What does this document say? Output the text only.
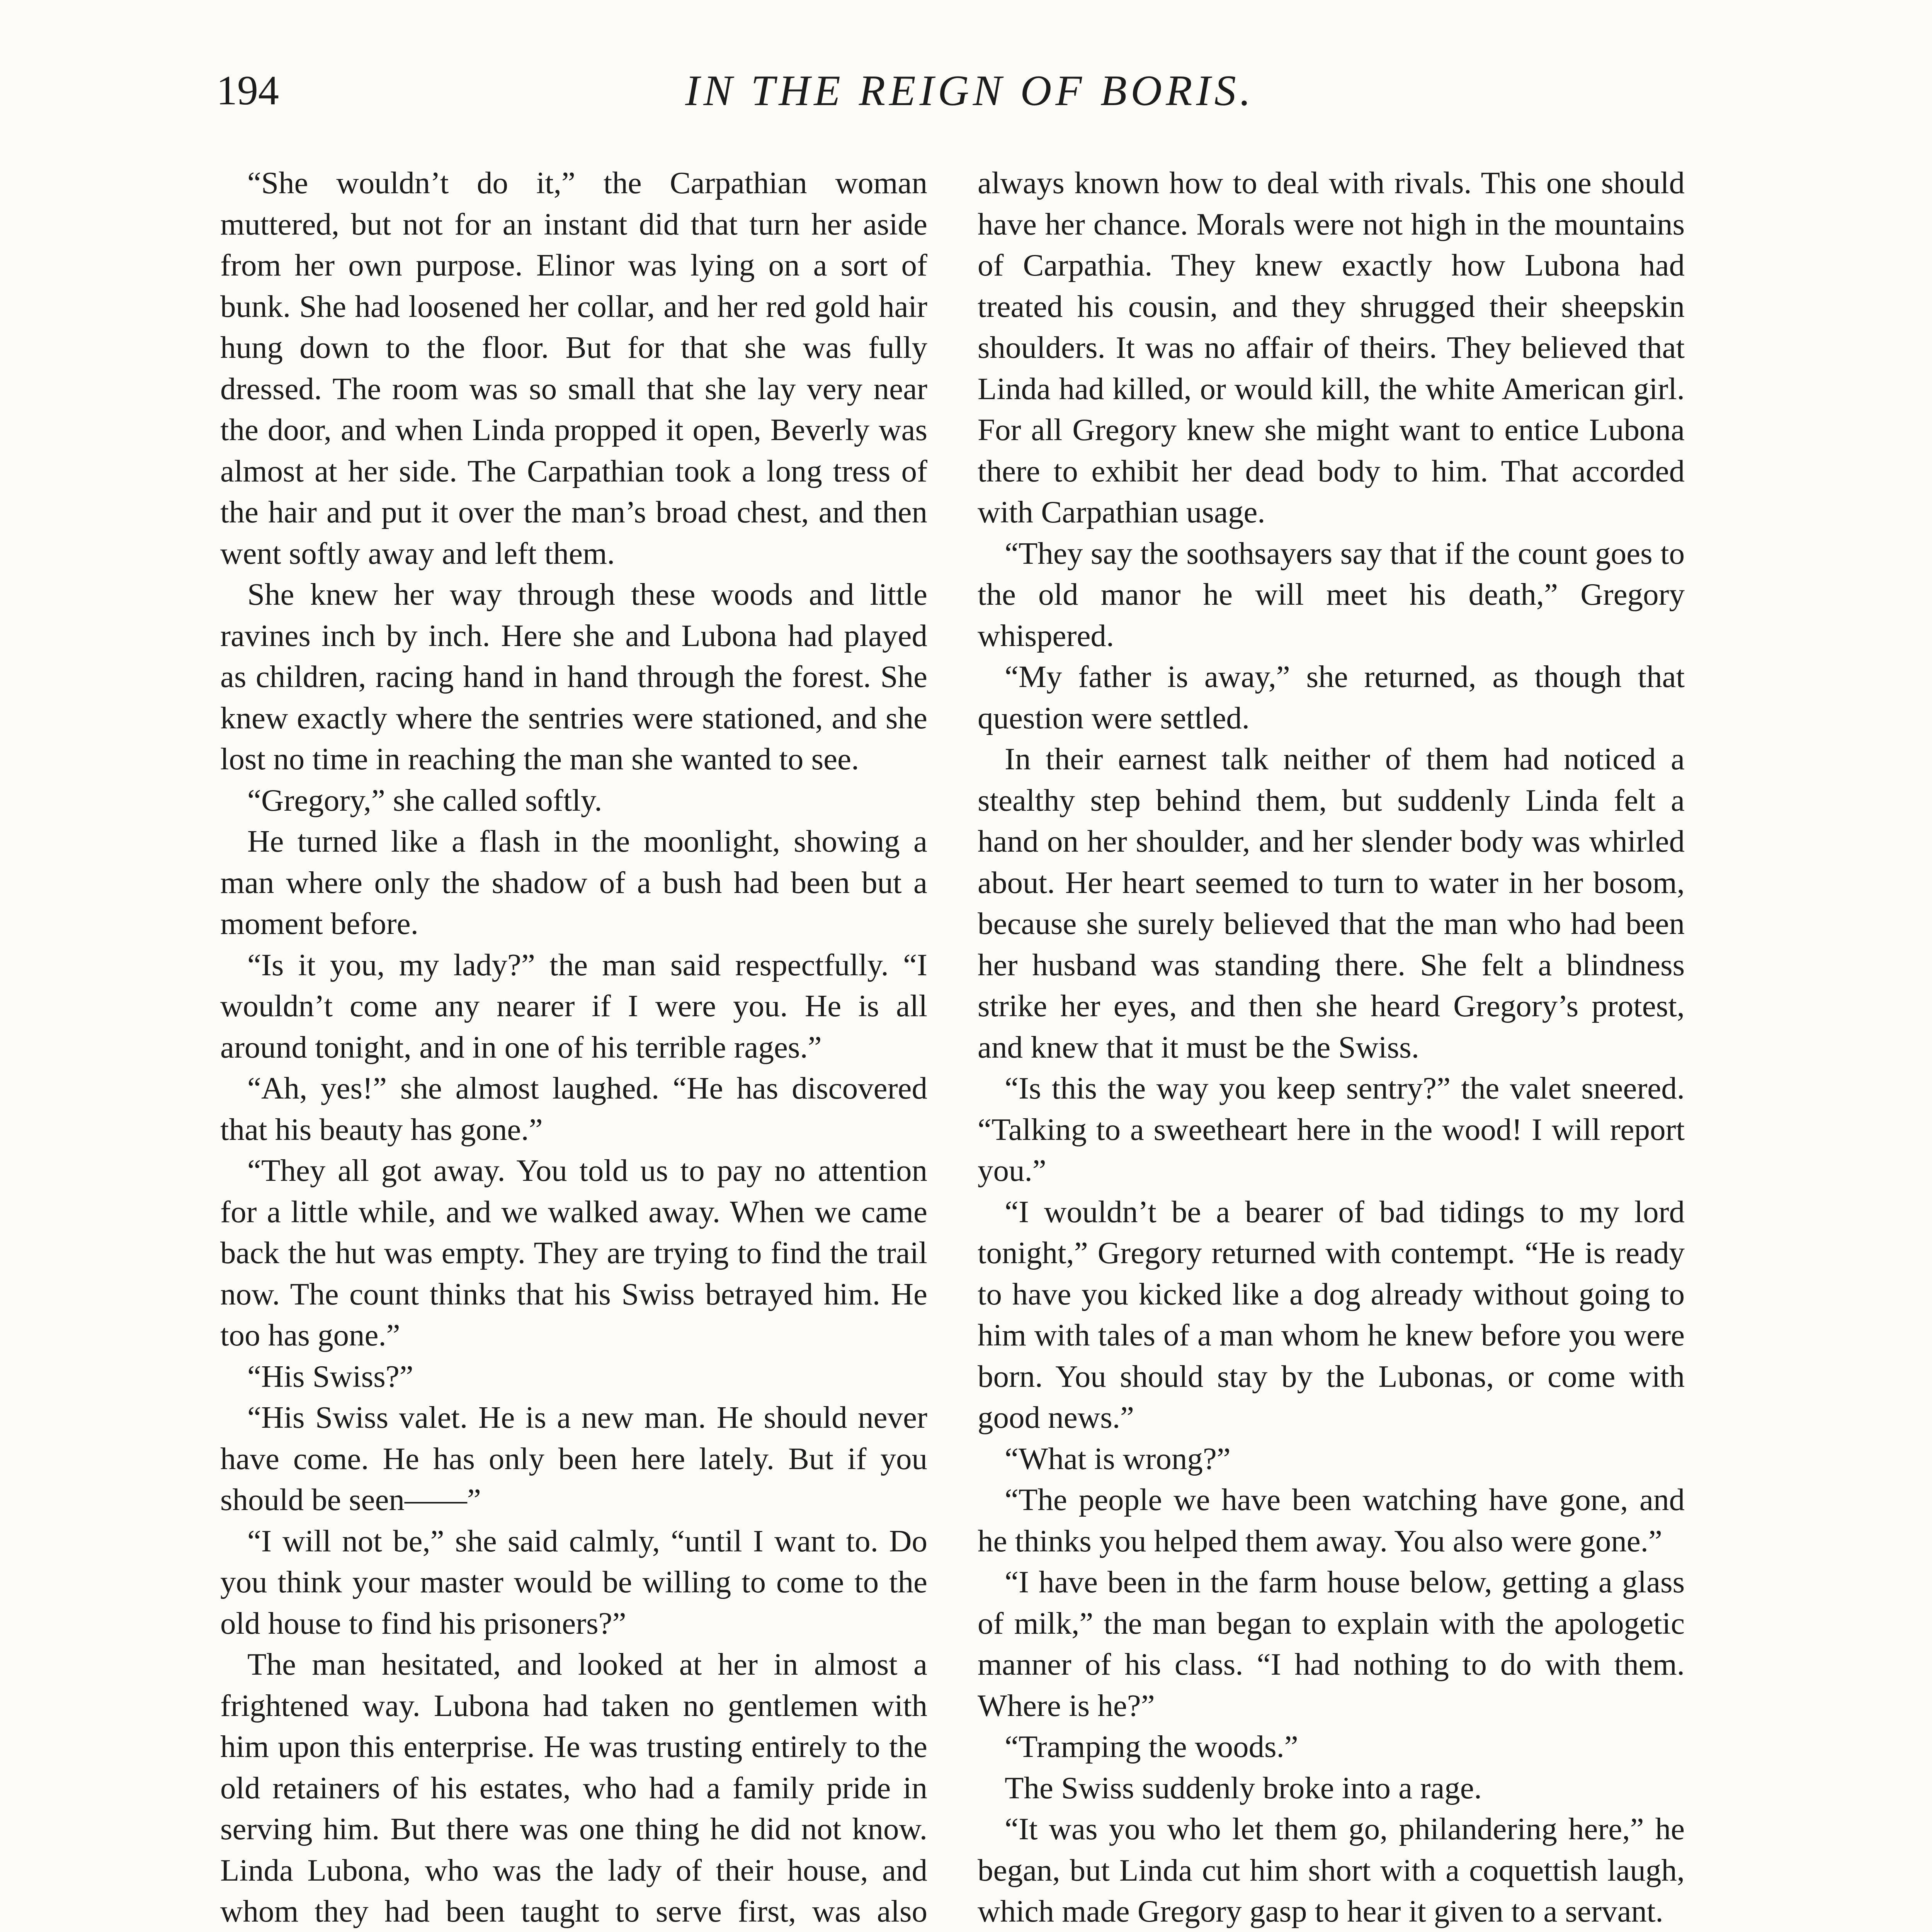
194	IN THE REIGN OF BORIS.

“She wouldn’t do it,” the Carpathian woman muttered, but not for an instant did that turn her aside from her own purpose. Elinor was lying on a sort of bunk. She had loosened her collar, and her red gold hair hung down to the floor. But for that she was fully dressed. The room was so small that she lay very near the door, and when Linda propped it open, Beverly was almost at her side. The Carpathian took a long tress of the hair and put it over the man’s broad chest, and then went softly away and left them.

She knew her way through these woods and little ravines inch by inch. Here she and Lubona had played as children, racing hand in hand through the forest. She knew exactly where the sentries were stationed, and she lost no time in reaching the man she wanted to see.

“Gregory,” she called softly.

He turned like a flash in the moonlight, showing a man where only the shadow of a bush had been but a moment before.

“Is it you, my lady?” the man said respectfully. “I wouldn’t come any nearer if I were you. He is all around tonight, and in one of his terrible rages.”

“Ah, yes!” she almost laughed. “He has discovered that his beauty has gone.”

“They all got away. You told us to pay no attention for a little while, and we walked away. When we came back the hut was empty. They are trying to find the trail now. The count thinks that his Swiss betrayed him. He too has gone.”

“His Swiss?”

“His Swiss valet. He is a new man. He should never have come. He has only been here lately. But if you should be seen——”

“I will not be,” she said calmly, “until I want to. Do you think your master would be willing to come to the old house to find his prisoners?”

The man hesitated, and looked at her in almost a frightened way. Lubona had taken no gentlemen with him upon this enterprise. He was trusting entirely to the old retainers of his estates, who had a family pride in serving him. But there was one thing he did not know. Linda Lubona, who was the lady of their house, and whom they had been taught to serve first, was also

always known how to deal with rivals. This one should have her chance. Morals were not high in the mountains of Carpathia. They knew exactly how Lubona had treated his cousin, and they shrugged their sheepskin shoulders. It was no affair of theirs. They believed that Linda had killed, or would kill, the white American girl. For all Gregory knew she might want to entice Lubona there to exhibit her dead body to him. That accorded with Carpathian usage.

“They say the soothsayers say that if the count goes to the old manor he will meet his death,” Gregory whispered.

“My father is away,” she returned, as though that question were settled.

In their earnest talk neither of them had noticed a stealthy step behind them, but suddenly Linda felt a hand on her shoulder, and her slender body was whirled about. Her heart seemed to turn to water in her bosom, because she surely believed that the man who had been her husband was standing there. She felt a blindness strike her eyes, and then she heard Gregory’s protest, and knew that it must be the Swiss.

“Is this the way you keep sentry?” the valet sneered. “Talking to a sweetheart here in the wood! I will report you.”

“I wouldn’t be a bearer of bad tidings to my lord tonight,” Gregory returned with contempt. “He is ready to have you kicked like a dog already without going to him with tales of a man whom he knew before you were born. You should stay by the Lubonas, or come with good news.”

“What is wrong?”

“The people we have been watching have gone, and he thinks you helped them away. You also were gone.”

“I have been in the farm house below, getting a glass of milk,” the man began to explain with the apologetic manner of his class. “I had nothing to do with them. Where is he?”

“Tramping the woods.”

The Swiss suddenly broke into a rage.

“It was you who let them go, philandering here,” he began, but Linda cut him short with a coquettish laugh, which made Gregory gasp to hear it given to a servant.
